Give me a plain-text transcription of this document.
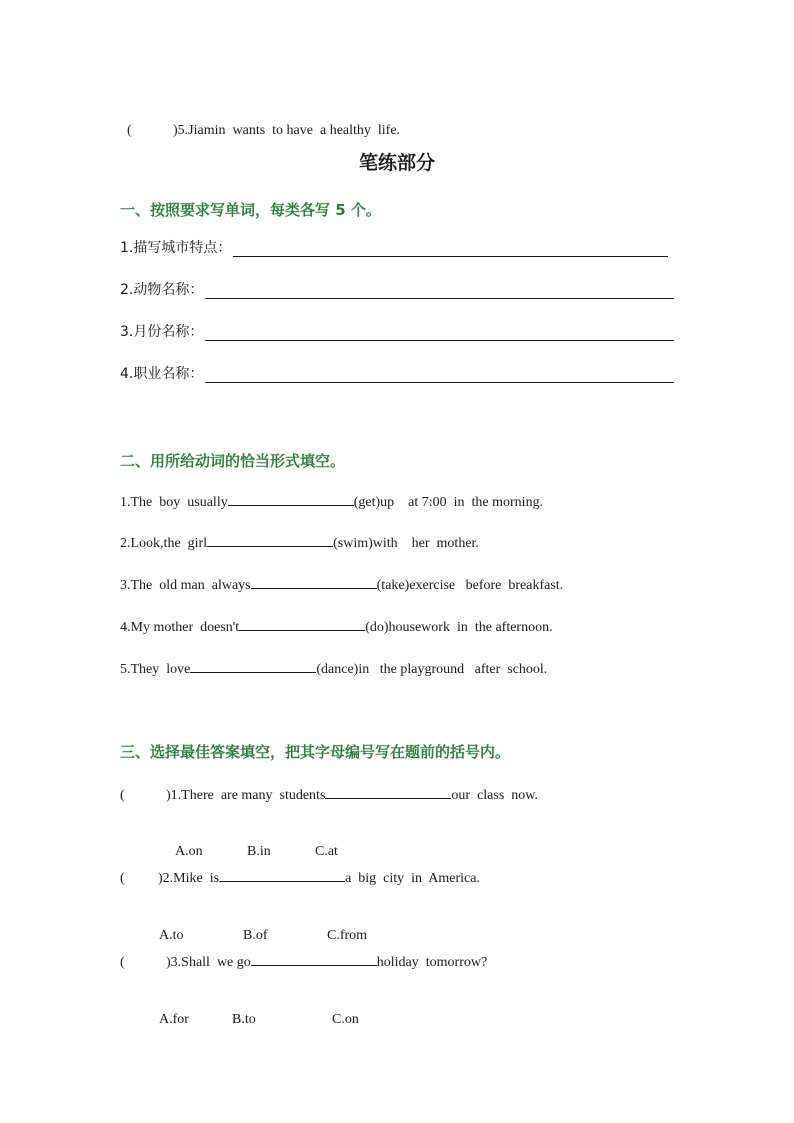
(	)5.Jiamin  wants  to have  a healthy  life.

笔练部分
一、按照要求写单词，每类各写 5 个。
1.描写城市特点：
2.动物名称：
3.月份名称：
4.职业名称：
二、用所给动词的恰当形式填空。
1.The  boy  usually	(get)up    at 7:00  in  the morning.
2.Look,the  girl	(swim)with    her  mother.
3.The  old man  always	(take)exercise   before  breakfast.
4.My mother  doesn't	(do)housework  in  the afternoon.
5.They  love	(dance)in   the playground   after  school.
三、选择最佳答案填空，把其字母编号写在题前的括号内。
(	)1.There  are many  students	our  class  now.

A.on	B.in	C.at

( )2.Mike  is	a  big  city  in  America.

A.to	B.of	C.from

(	)3.Shall  we go	holiday  tomorrow?

A.for	B.to	C.on
